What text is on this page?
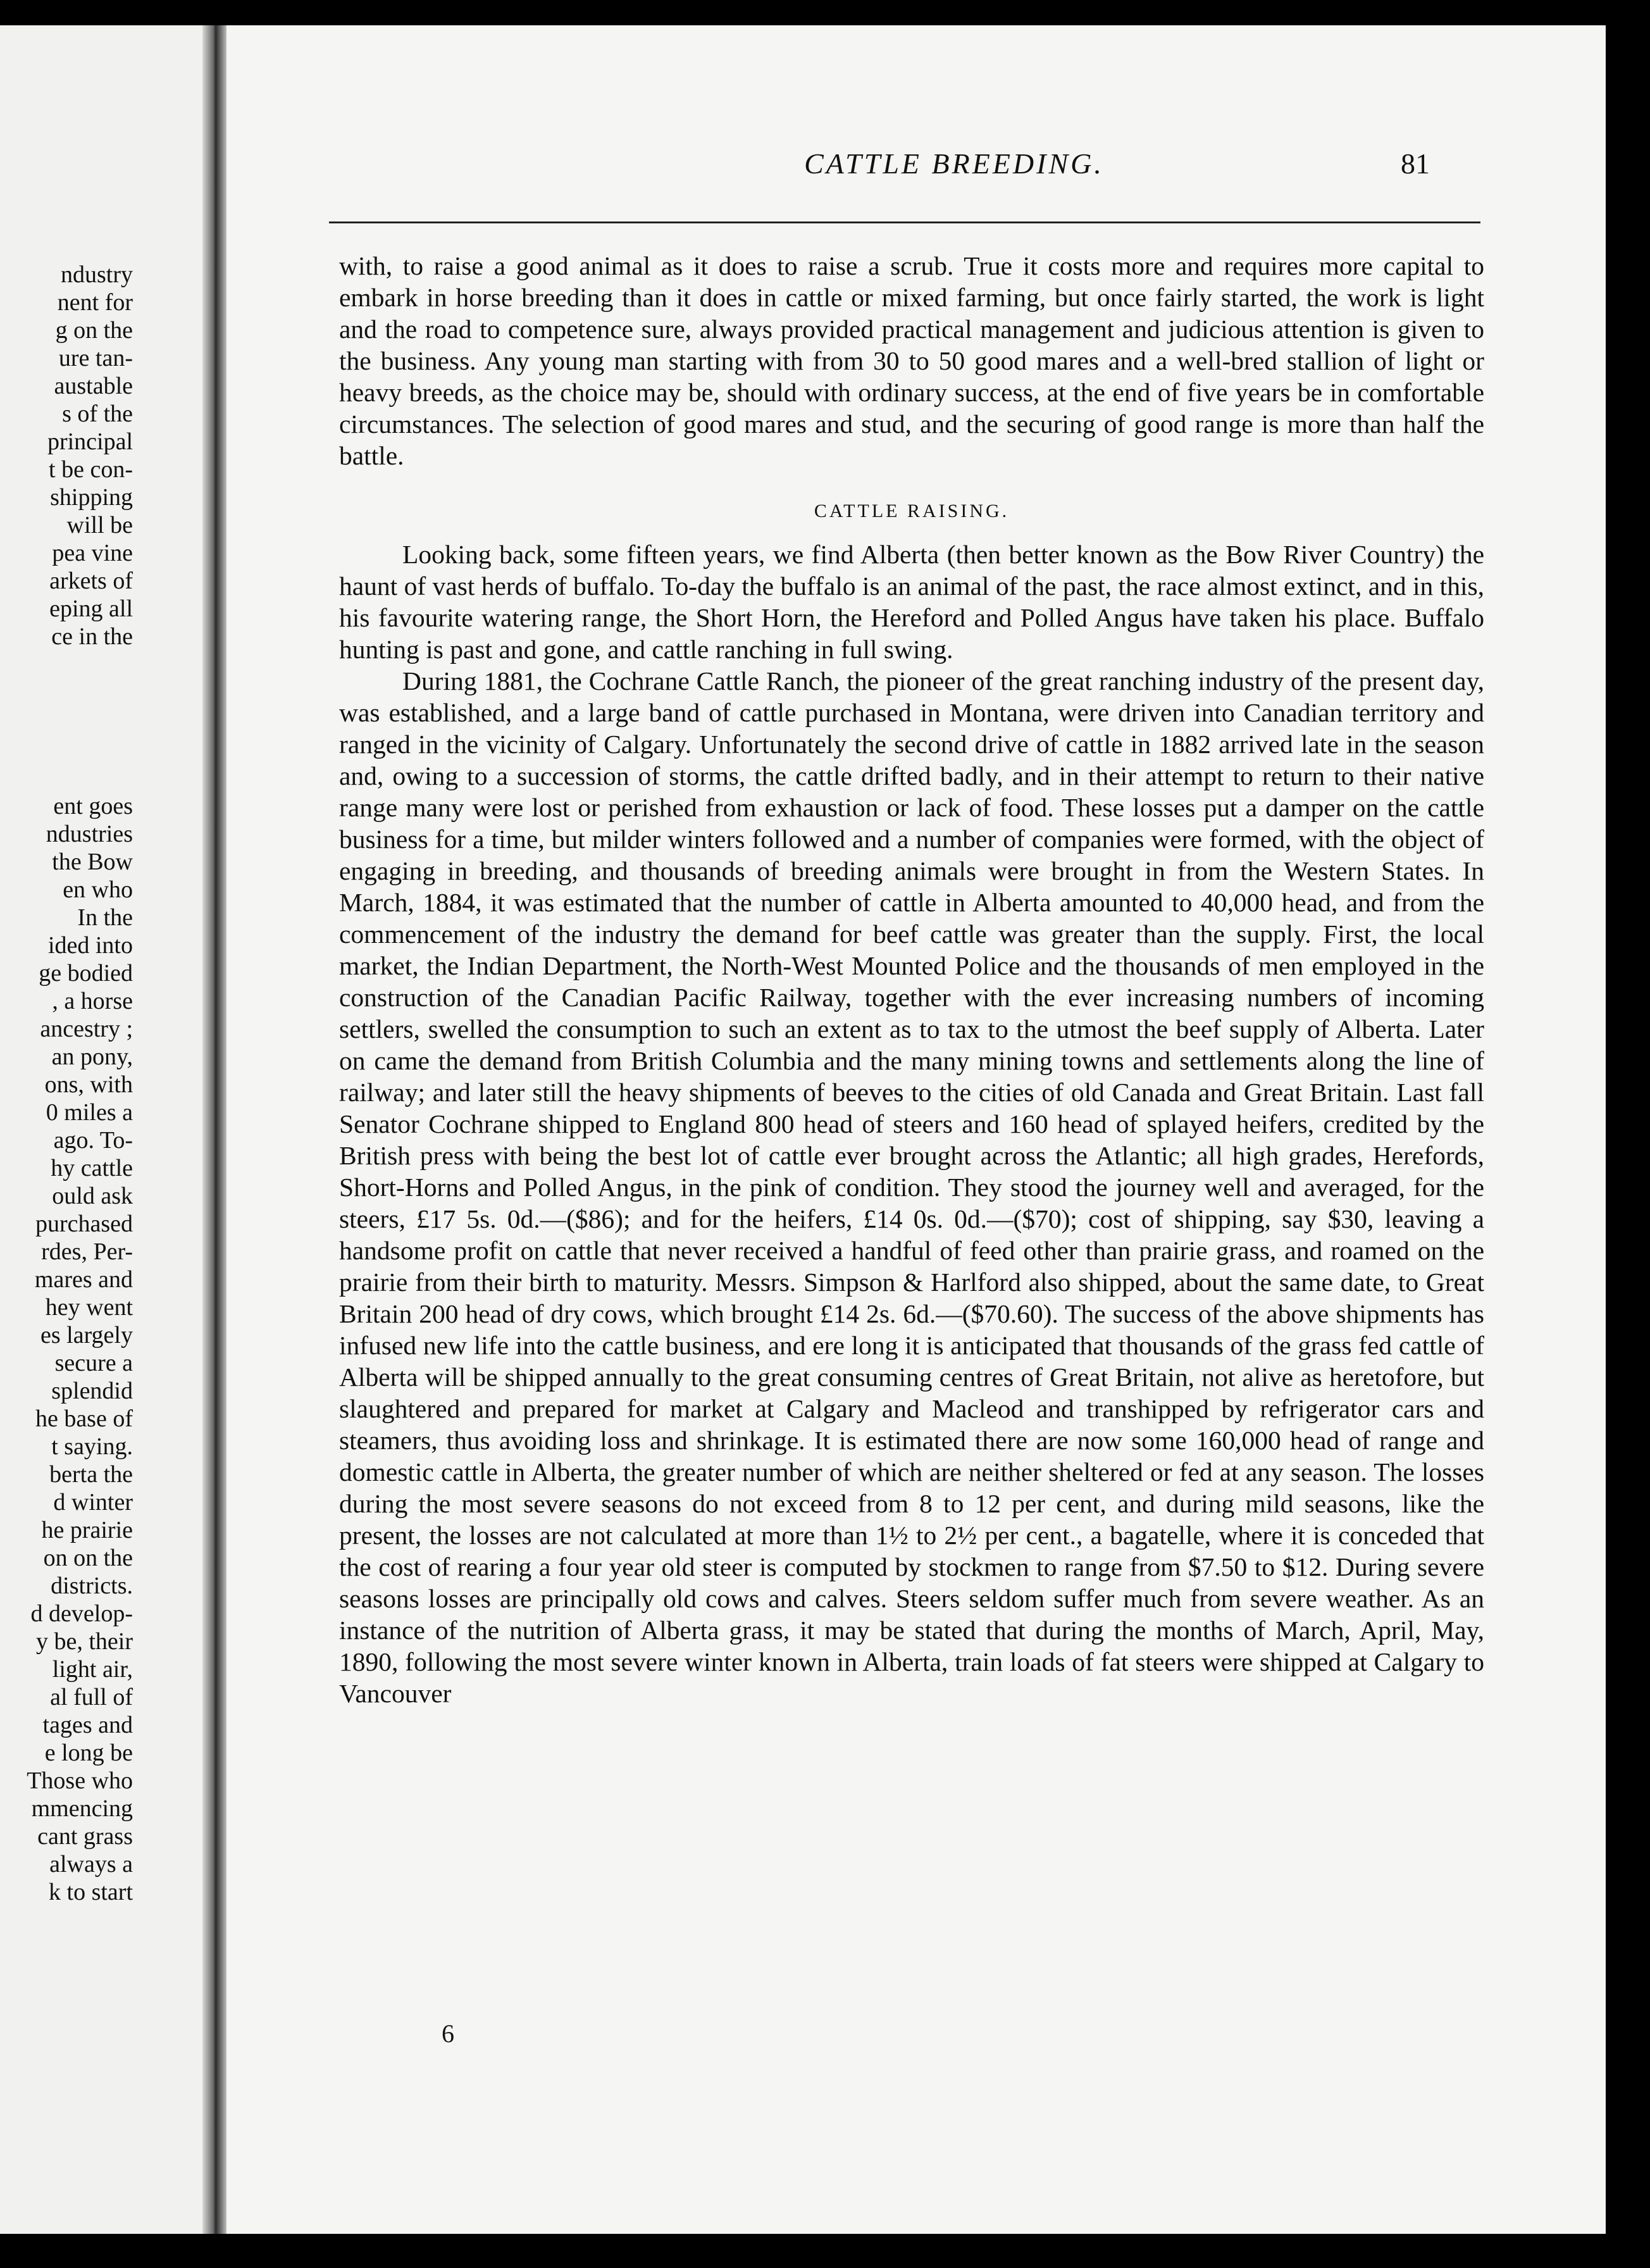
ndustry
nent for
g on the
ure tan-
austable
s of the
principal
t be con-
shipping
will be
pea vine
arkets of
eping all
ce in the
ent goes
ndustries
the Bow
en who
In the
ided into
ge bodied
, a horse
ancestry ;
an pony,
ons, with
0 miles a
ago. To-
hy cattle
ould ask
purchased
rdes, Per-
mares and
hey went
es largely
secure a
splendid
he base of
t saying.
berta the
d winter
he prairie
on on the
districts.
d develop-
y be, their
light air,
al full of
tages and
e long be
Those who
mmencing
cant grass
always a
k to start
CATTLE BREEDING.	81

with, to raise a good animal as it does to raise a scrub. True it costs more and requires more capital to embark in horse breeding than it does in cattle or mixed farming, but once fairly started, the work is light and the road to competence sure, always provided practical management and judicious attention is given to the business. Any young man starting with from 30 to 50 good mares and a well-bred stallion of light or heavy breeds, as the choice may be, should with ordinary success, at the end of five years be in comfortable circumstances. The selection of good mares and stud, and the securing of good range is more than half the battle.

CATTLE RAISING.

Looking back, some fifteen years, we find Alberta (then better known as the Bow River Country) the haunt of vast herds of buffalo. To-day the buffalo is an animal of the past, the race almost extinct, and in this, his favourite watering range, the Short Horn, the Hereford and Polled Angus have taken his place. Buffalo hunting is past and gone, and cattle ranching in full swing.

During 1881, the Cochrane Cattle Ranch, the pioneer of the great ranching industry of the present day, was established, and a large band of cattle purchased in Montana, were driven into Canadian territory and ranged in the vicinity of Calgary. Unfortunately the second drive of cattle in 1882 arrived late in the season and, owing to a succession of storms, the cattle drifted badly, and in their attempt to return to their native range many were lost or perished from exhaustion or lack of food. These losses put a damper on the cattle business for a time, but milder winters followed and a number of companies were formed, with the object of engaging in breeding, and thousands of breeding animals were brought in from the Western States. In March, 1884, it was estimated that the number of cattle in Alberta amounted to 40,000 head, and from the commencement of the industry the demand for beef cattle was greater than the supply. First, the local market, the Indian Department, the North-West Mounted Police and the thousands of men employed in the construction of the Canadian Pacific Railway, together with the ever increasing numbers of incoming settlers, swelled the consumption to such an extent as to tax to the utmost the beef supply of Alberta. Later on came the demand from British Columbia and the many mining towns and settlements along the line of railway; and later still the heavy shipments of beeves to the cities of old Canada and Great Britain. Last fall Senator Cochrane shipped to England 800 head of steers and 160 head of splayed heifers, credited by the British press with being the best lot of cattle ever brought across the Atlantic; all high grades, Herefords, Short-Horns and Polled Angus, in the pink of condition. They stood the journey well and averaged, for the steers, £17 5s. 0d.—($86); and for the heifers, £14 0s. 0d.—($70); cost of shipping, say $30, leaving a handsome profit on cattle that never received a handful of feed other than prairie grass, and roamed on the prairie from their birth to maturity. Messrs. Simpson & Harlford also shipped, about the same date, to Great Britain 200 head of dry cows, which brought £14 2s. 6d.—($70.60). The success of the above shipments has infused new life into the cattle business, and ere long it is anticipated that thousands of the grass fed cattle of Alberta will be shipped annually to the great consuming centres of Great Britain, not alive as heretofore, but slaughtered and prepared for market at Calgary and Macleod and transhipped by refrigerator cars and steamers, thus avoiding loss and shrinkage. It is estimated there are now some 160,000 head of range and domestic cattle in Alberta, the greater number of which are neither sheltered or fed at any season. The losses during the most severe seasons do not exceed from 8 to 12 per cent, and during mild seasons, like the present, the losses are not calculated at more than 1½ to 2½ per cent., a bagatelle, where it is conceded that the cost of rearing a four year old steer is computed by stockmen to range from $7.50 to $12. During severe seasons losses are principally old cows and calves. Steers seldom suffer much from severe weather. As an instance of the nutrition of Alberta grass, it may be stated that during the months of March, April, May, 1890, following the most severe winter known in Alberta, train loads of fat steers were shipped at Calgary to Vancouver

6
